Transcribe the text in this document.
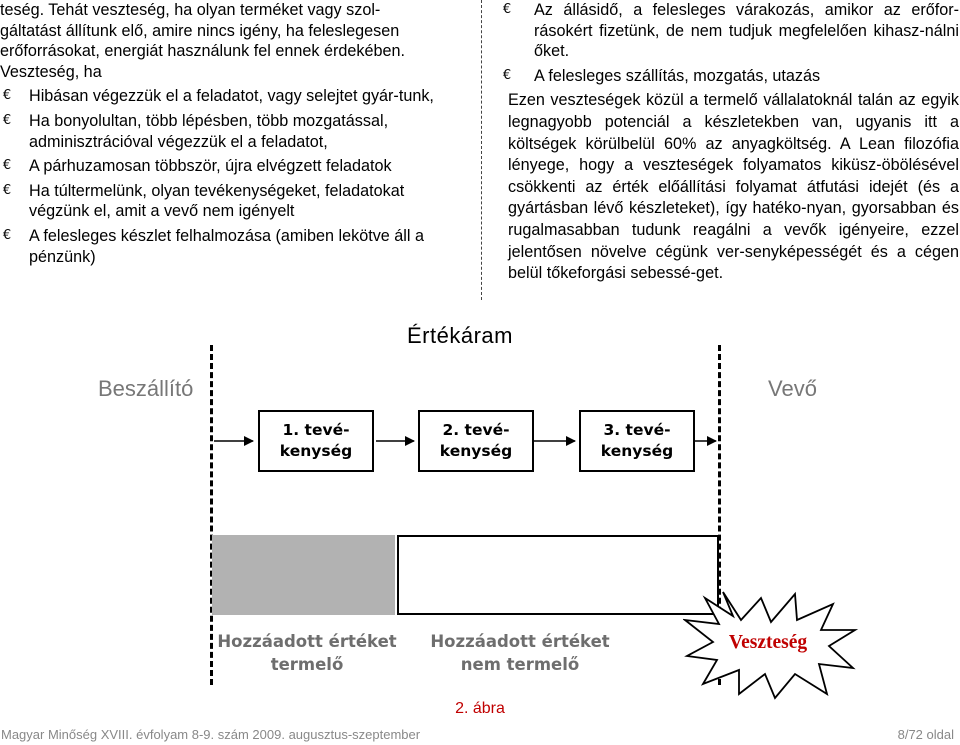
teség. Tehát veszteség, ha olyan terméket vagy szol-

gáltatást állítunk elő, amire nincs igény, ha feleslegesen

erőforrásokat, energiát használunk fel ennek érdekében.

Veszteség, ha

€ Hibásan végezzük el a feladatot, vagy selejtet gyár-tunk,
€ Ha bonyolultan, több lépésben, több mozgatással, adminisztrációval végezzük el a feladatot,
€ A párhuzamosan többször, újra elvégzett feladatok
€ Ha túltermelünk, olyan tevékenységeket, feladatokat végzünk el, amit a vevő nem igényelt
€ A felesleges készlet felhalmozása (amiben lekötve áll a pénzünk)
€ Az állásidő, a felesleges várakozás, amikor az erőfor-rásokért fizetünk, de nem tudjuk megfelelően kihasz-nálni őket.
€ A felesleges szállítás, mozgatás, utazás

Ezen veszteségek közül a termelő vállalatoknál talán az egyik legnagyobb potenciál a készletekben van, ugyanis itt a költségek körülbelül 60% az anyagköltség. A Lean filozófia lényege, hogy a veszteségek folyamatos kiküsz-öbölésével csökkenti az érték előállítási folyamat átfutási idejét (és a gyártásban lévő készleteket), így hatéko-nyan, gyorsabban és rugalmasabban tudunk reagálni a vevők igényeire, ezzel jelentősen növelve cégünk ver-senyképességét és a cégen belül tőkeforgási sebessé-get.

Értékáram
Beszállító	Vevő
1. tevé-
kenység
2. tevé-
kenység
3. tevé-
kenység
Hozzáadott értéket
termelő
Hozzáadott értéket
nem termelő
Veszteség
2. ábra
Magyar Minőség XVIII. évfolyam 8-9. szám 2009. augusztus-szeptember	8/72 oldal
